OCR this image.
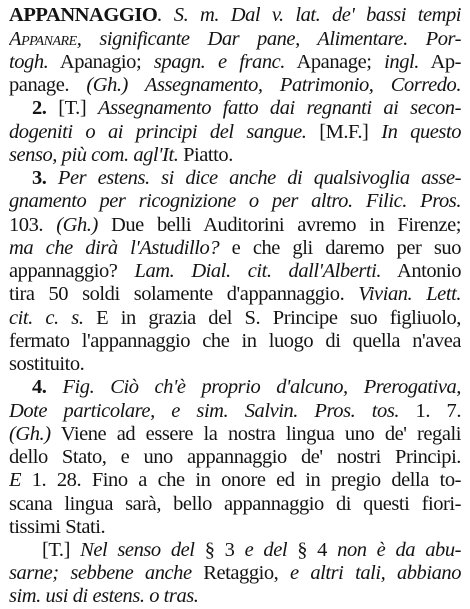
APPANNAGGIO. S. m. Dal v. lat. de' bassi tempi
Appanare, significante Dar pane, Alimentare. Por-
togh. Apanagio; spagn. e franc. Apanage; ingl. Ap-
panage. (Gh.) Assegnamento, Patrimonio, Corredo.
2. [T.] Assegnamento fatto dai regnanti ai secon-
dogeniti o ai principi del sangue. [M.F.] In questo
senso, più com. agl'It. Piatto.
3. Per estens. si dice anche di qualsivoglia asse-
gnamento per ricognizione o per altro. Filic. Pros.
103. (Gh.) Due belli Auditorini avremo in Firenze;
ma che dirà l'Astudillo? e che gli daremo per suo
appannaggio? Lam. Dial. cit. dall'Alberti. Antonio
tira 50 soldi solamente d'appannaggio. Vivian. Lett.
cit. c. s. E in grazia del S. Principe suo figliuolo,
fermato l'appannaggio che in luogo di quella n'avea
sostituito.
4. Fig. Ciò ch'è proprio d'alcuno, Prerogativa,
Dote particolare, e sim. Salvin. Pros. tos. 1. 7.
(Gh.) Viene ad essere la nostra lingua uno de' regali
dello Stato, e uno appannaggio de' nostri Principi.
E 1. 28. Fino a che in onore ed in pregio della to-
scana lingua sarà, bello appannaggio di questi fiori-
tissimi Stati.
[T.] Nel senso del § 3 e del § 4 non è da abu-
sarne; sebbene anche Retaggio, e altri tali, abbiano
sim. usi di estens. o tras.
